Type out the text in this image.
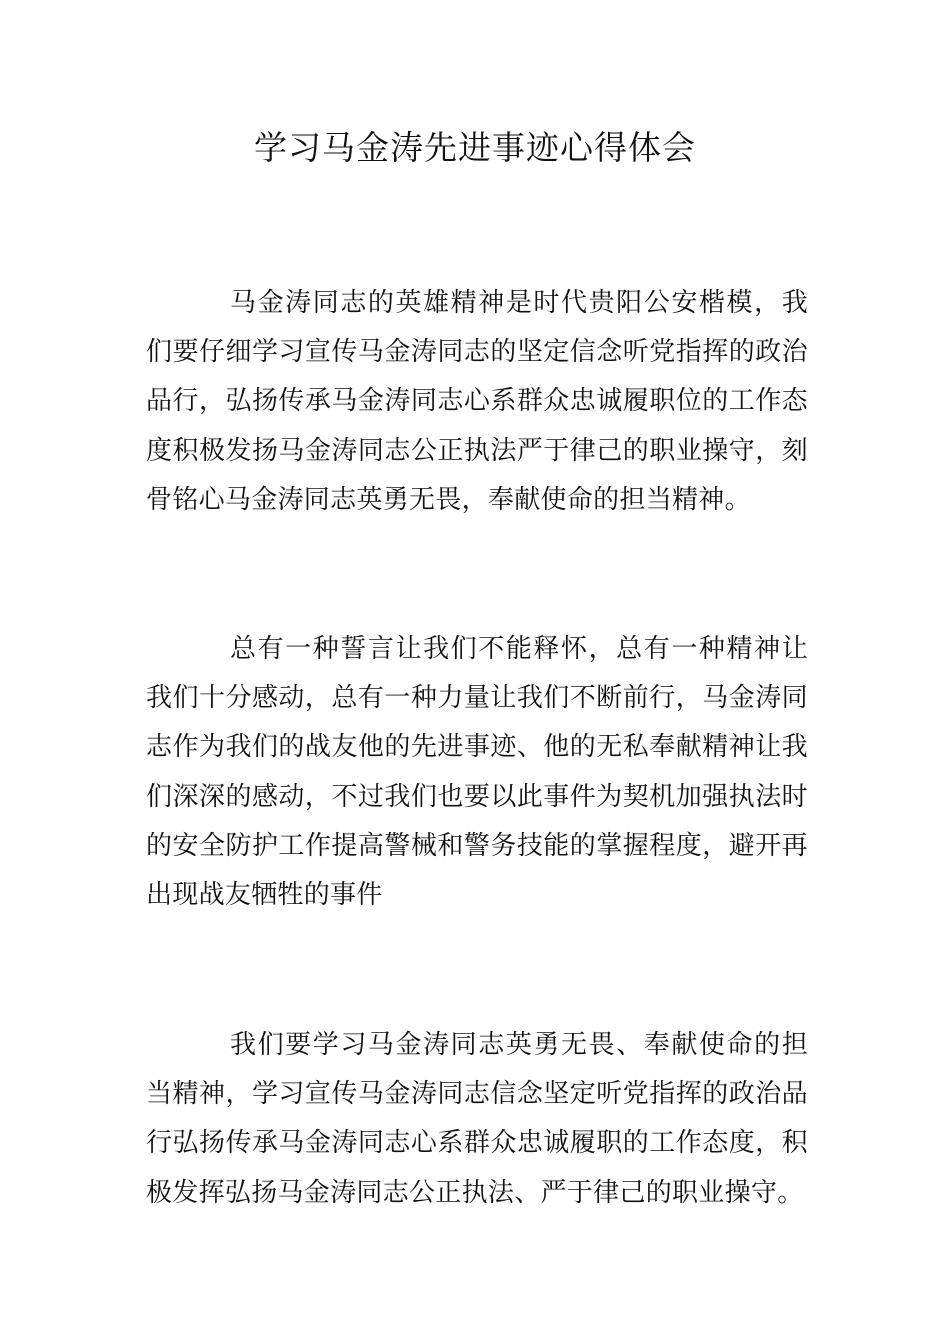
学习马金涛先进事迹心得体会

马金涛同志的英雄精神是时代贵阳公安楷模，我们要仔细学习宣传马金涛同志的坚定信念听党指挥的政治品行，弘扬传承马金涛同志心系群众忠诚履职位的工作态度积极发扬马金涛同志公正执法严于律己的职业操守，刻骨铭心马金涛同志英勇无畏，奉献使命的担当精神。

总有一种誓言让我们不能释怀，总有一种精神让我们十分感动，总有一种力量让我们不断前行，马金涛同志作为我们的战友他的先进事迹、他的无私奉献精神让我们深深的感动，不过我们也要以此事件为契机加强执法时的安全防护工作提高警械和警务技能的掌握程度，避开再出现战友牺牲的事件

我们要学习马金涛同志英勇无畏、奉献使命的担当精神，学习宣传马金涛同志信念坚定听党指挥的政治品行弘扬传承马金涛同志心系群众忠诚履职的工作态度，积极发挥弘扬马金涛同志公正执法、严于律己的职业操守。
